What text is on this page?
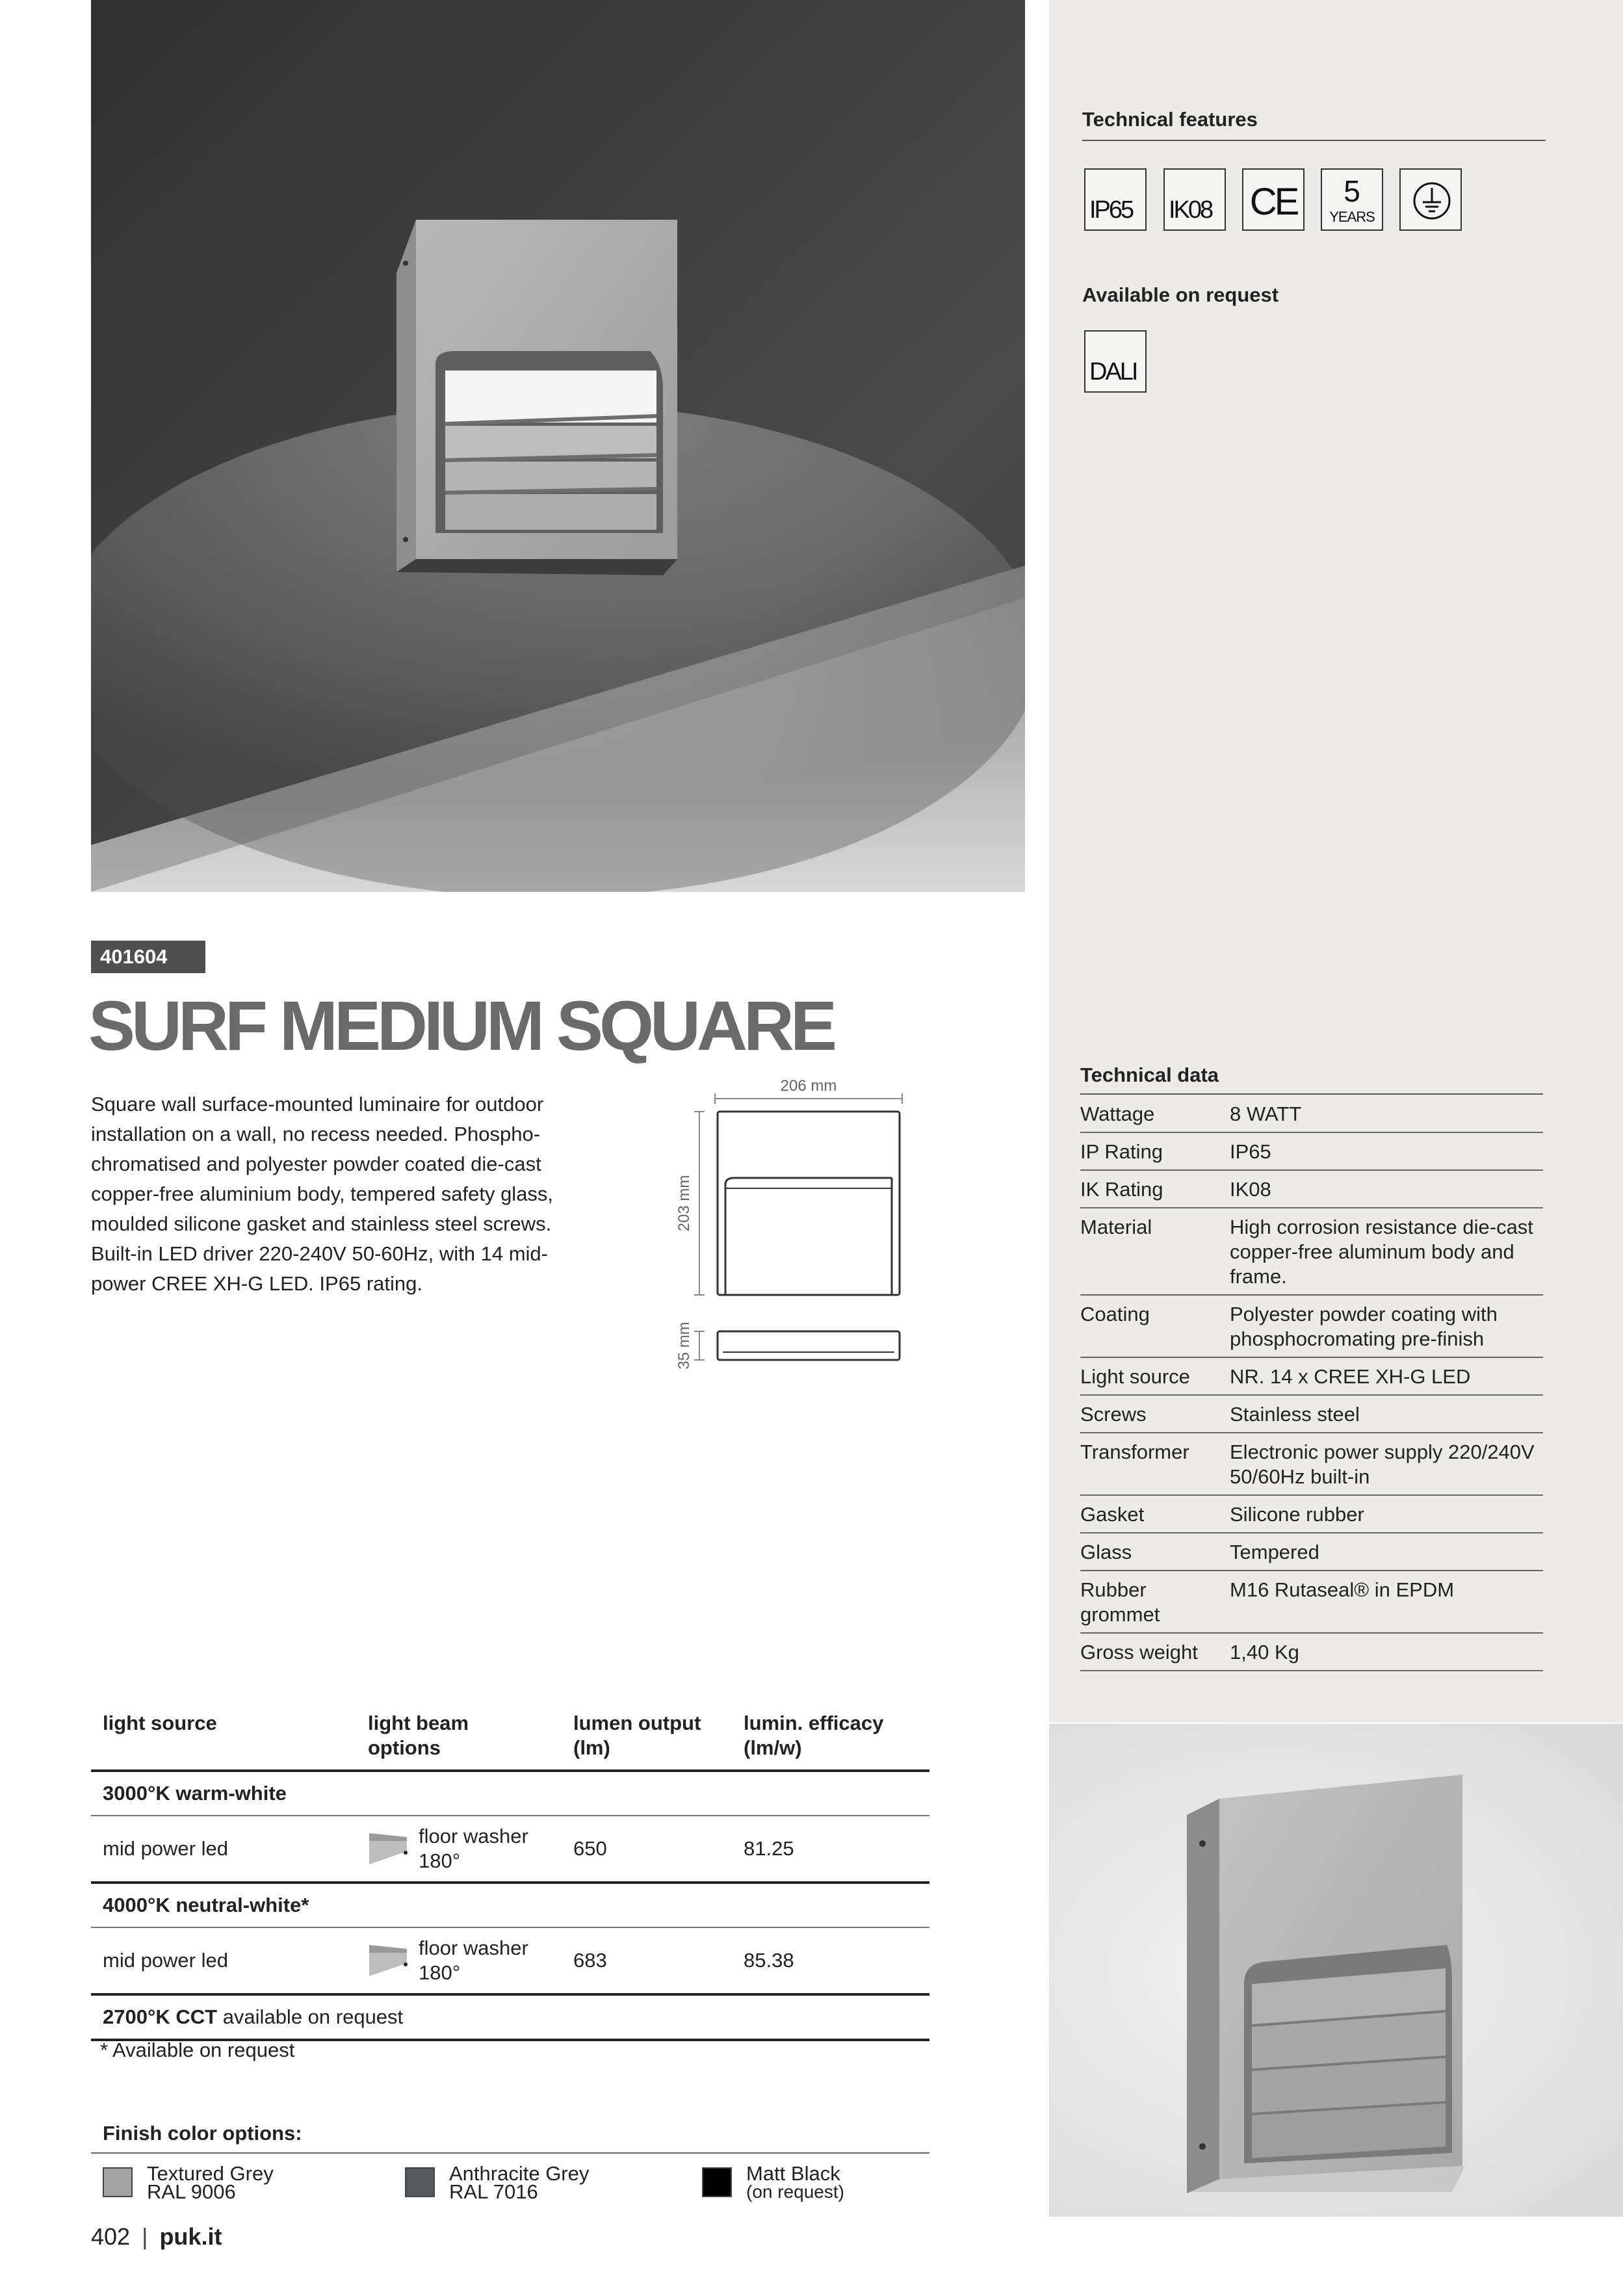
Technical features
IP65 IK08 CE	5
YEARS
Available on request
DALI
Technical data
Wattage	8 WATT
IP Rating	IP65
IK Rating	IK08
Material	High corrosion resistance die-cast copper-free aluminum body and frame.
Coating	Polyester powder coating with phosphocromating pre-finish
Light source	NR. 14 x CREE XH-G LED
Screws	Stainless steel
Transformer	Electronic power supply 220/240V 50/60Hz built-in
Gasket	Silicone rubber
Glass	Tempered
Rubber grommet	M16 Rutaseal® in EPDM
Gross weight	1,40 Kg
401604
SURF MEDIUM SQUARE
Square wall surface-mounted luminaire for outdoor installation on a wall, no recess needed. Phospho-chromatised and polyester powder coated die-cast copper-free aluminium body, tempered safety glass, moulded silicone gasket and stainless steel screws. Built-in LED driver 220-240V 50-60Hz, with 14 mid-power CREE XH-G LED. IP65 rating.
206 mm
203 mm
35 mm
light source	light beam options	lumen output (lm)	lumin. efficacy (lm/w)
3000°K warm-white			
mid power led	floor washer 180°	650	81.25
4000°K neutral-white*			
mid power led	floor washer 180°	683	85.38
2700°K CCT available on request			
* Available on request
Finish color options:
Textured Grey
RAL 9006
Anthracite Grey
RAL 7016
Matt Black
(on request)
402 | puk.it
